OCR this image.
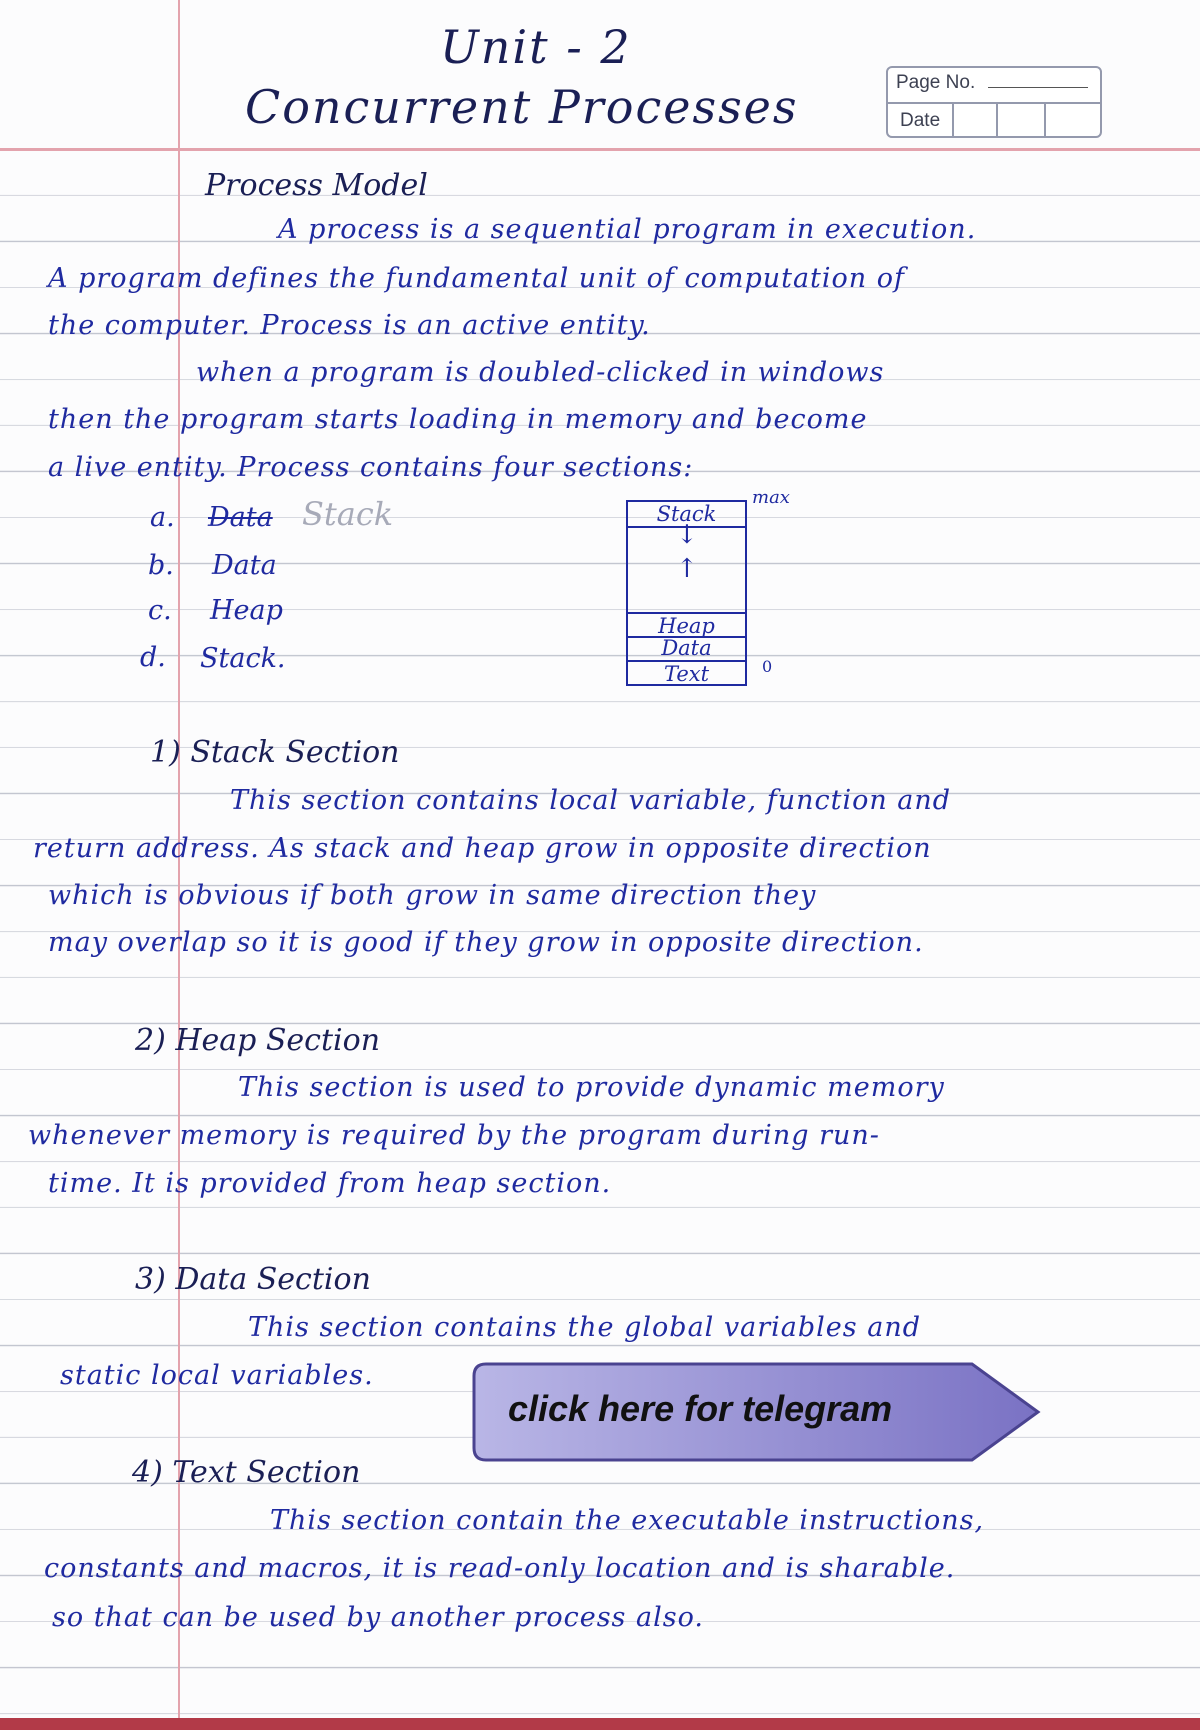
Unit - 2
Concurrent Processes	Page No.
Date
Process Model
A process is a sequential program in execution.
A program defines the fundamental unit of computation of
the computer. Process is an active entity.
when a program is doubled-clicked in windows
then the program starts loading in memory and become
a live entity. Process contains four sections:
a. Data Stack
b. Data
c. Heap
d. Stack.
max
Stack
Heap
Data
Text
↓
↑
0
1) Stack Section
This section contains local variable, function and
return address. As stack and heap grow in opposite direction
which is obvious if both grow in same direction they
may overlap so it is good if they grow in opposite direction.
2) Heap Section
This section is used to provide dynamic memory
whenever memory is required by the program during run-
time. It is provided from heap section.
3) Data Section
This section contains the global variables and
static local variables.
click here for telegram
4) Text Section
This section contain the executable instructions,
constants and macros, it is read-only location and is sharable.
so that can be used by another process also.
